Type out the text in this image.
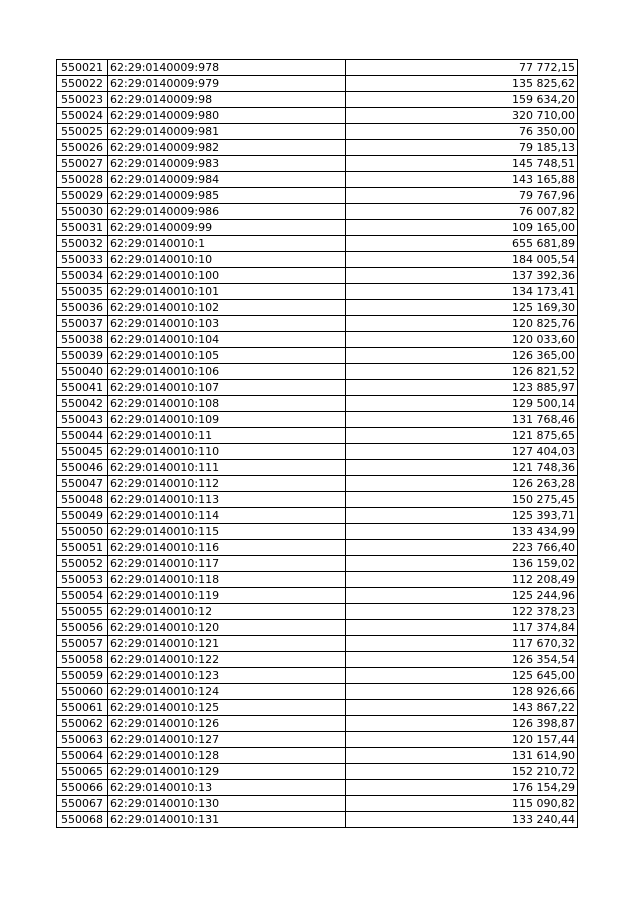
550021	62:29:0140009:978	77 772,15
550022	62:29:0140009:979	135 825,62
550023	62:29:0140009:98	159 634,20
550024	62:29:0140009:980	320 710,00
550025	62:29:0140009:981	76 350,00
550026	62:29:0140009:982	79 185,13
550027	62:29:0140009:983	145 748,51
550028	62:29:0140009:984	143 165,88
550029	62:29:0140009:985	79 767,96
550030	62:29:0140009:986	76 007,82
550031	62:29:0140009:99	109 165,00
550032	62:29:0140010:1	655 681,89
550033	62:29:0140010:10	184 005,54
550034	62:29:0140010:100	137 392,36
550035	62:29:0140010:101	134 173,41
550036	62:29:0140010:102	125 169,30
550037	62:29:0140010:103	120 825,76
550038	62:29:0140010:104	120 033,60
550039	62:29:0140010:105	126 365,00
550040	62:29:0140010:106	126 821,52
550041	62:29:0140010:107	123 885,97
550042	62:29:0140010:108	129 500,14
550043	62:29:0140010:109	131 768,46
550044	62:29:0140010:11	121 875,65
550045	62:29:0140010:110	127 404,03
550046	62:29:0140010:111	121 748,36
550047	62:29:0140010:112	126 263,28
550048	62:29:0140010:113	150 275,45
550049	62:29:0140010:114	125 393,71
550050	62:29:0140010:115	133 434,99
550051	62:29:0140010:116	223 766,40
550052	62:29:0140010:117	136 159,02
550053	62:29:0140010:118	112 208,49
550054	62:29:0140010:119	125 244,96
550055	62:29:0140010:12	122 378,23
550056	62:29:0140010:120	117 374,84
550057	62:29:0140010:121	117 670,32
550058	62:29:0140010:122	126 354,54
550059	62:29:0140010:123	125 645,00
550060	62:29:0140010:124	128 926,66
550061	62:29:0140010:125	143 867,22
550062	62:29:0140010:126	126 398,87
550063	62:29:0140010:127	120 157,44
550064	62:29:0140010:128	131 614,90
550065	62:29:0140010:129	152 210,72
550066	62:29:0140010:13	176 154,29
550067	62:29:0140010:130	115 090,82
550068	62:29:0140010:131	133 240,44
